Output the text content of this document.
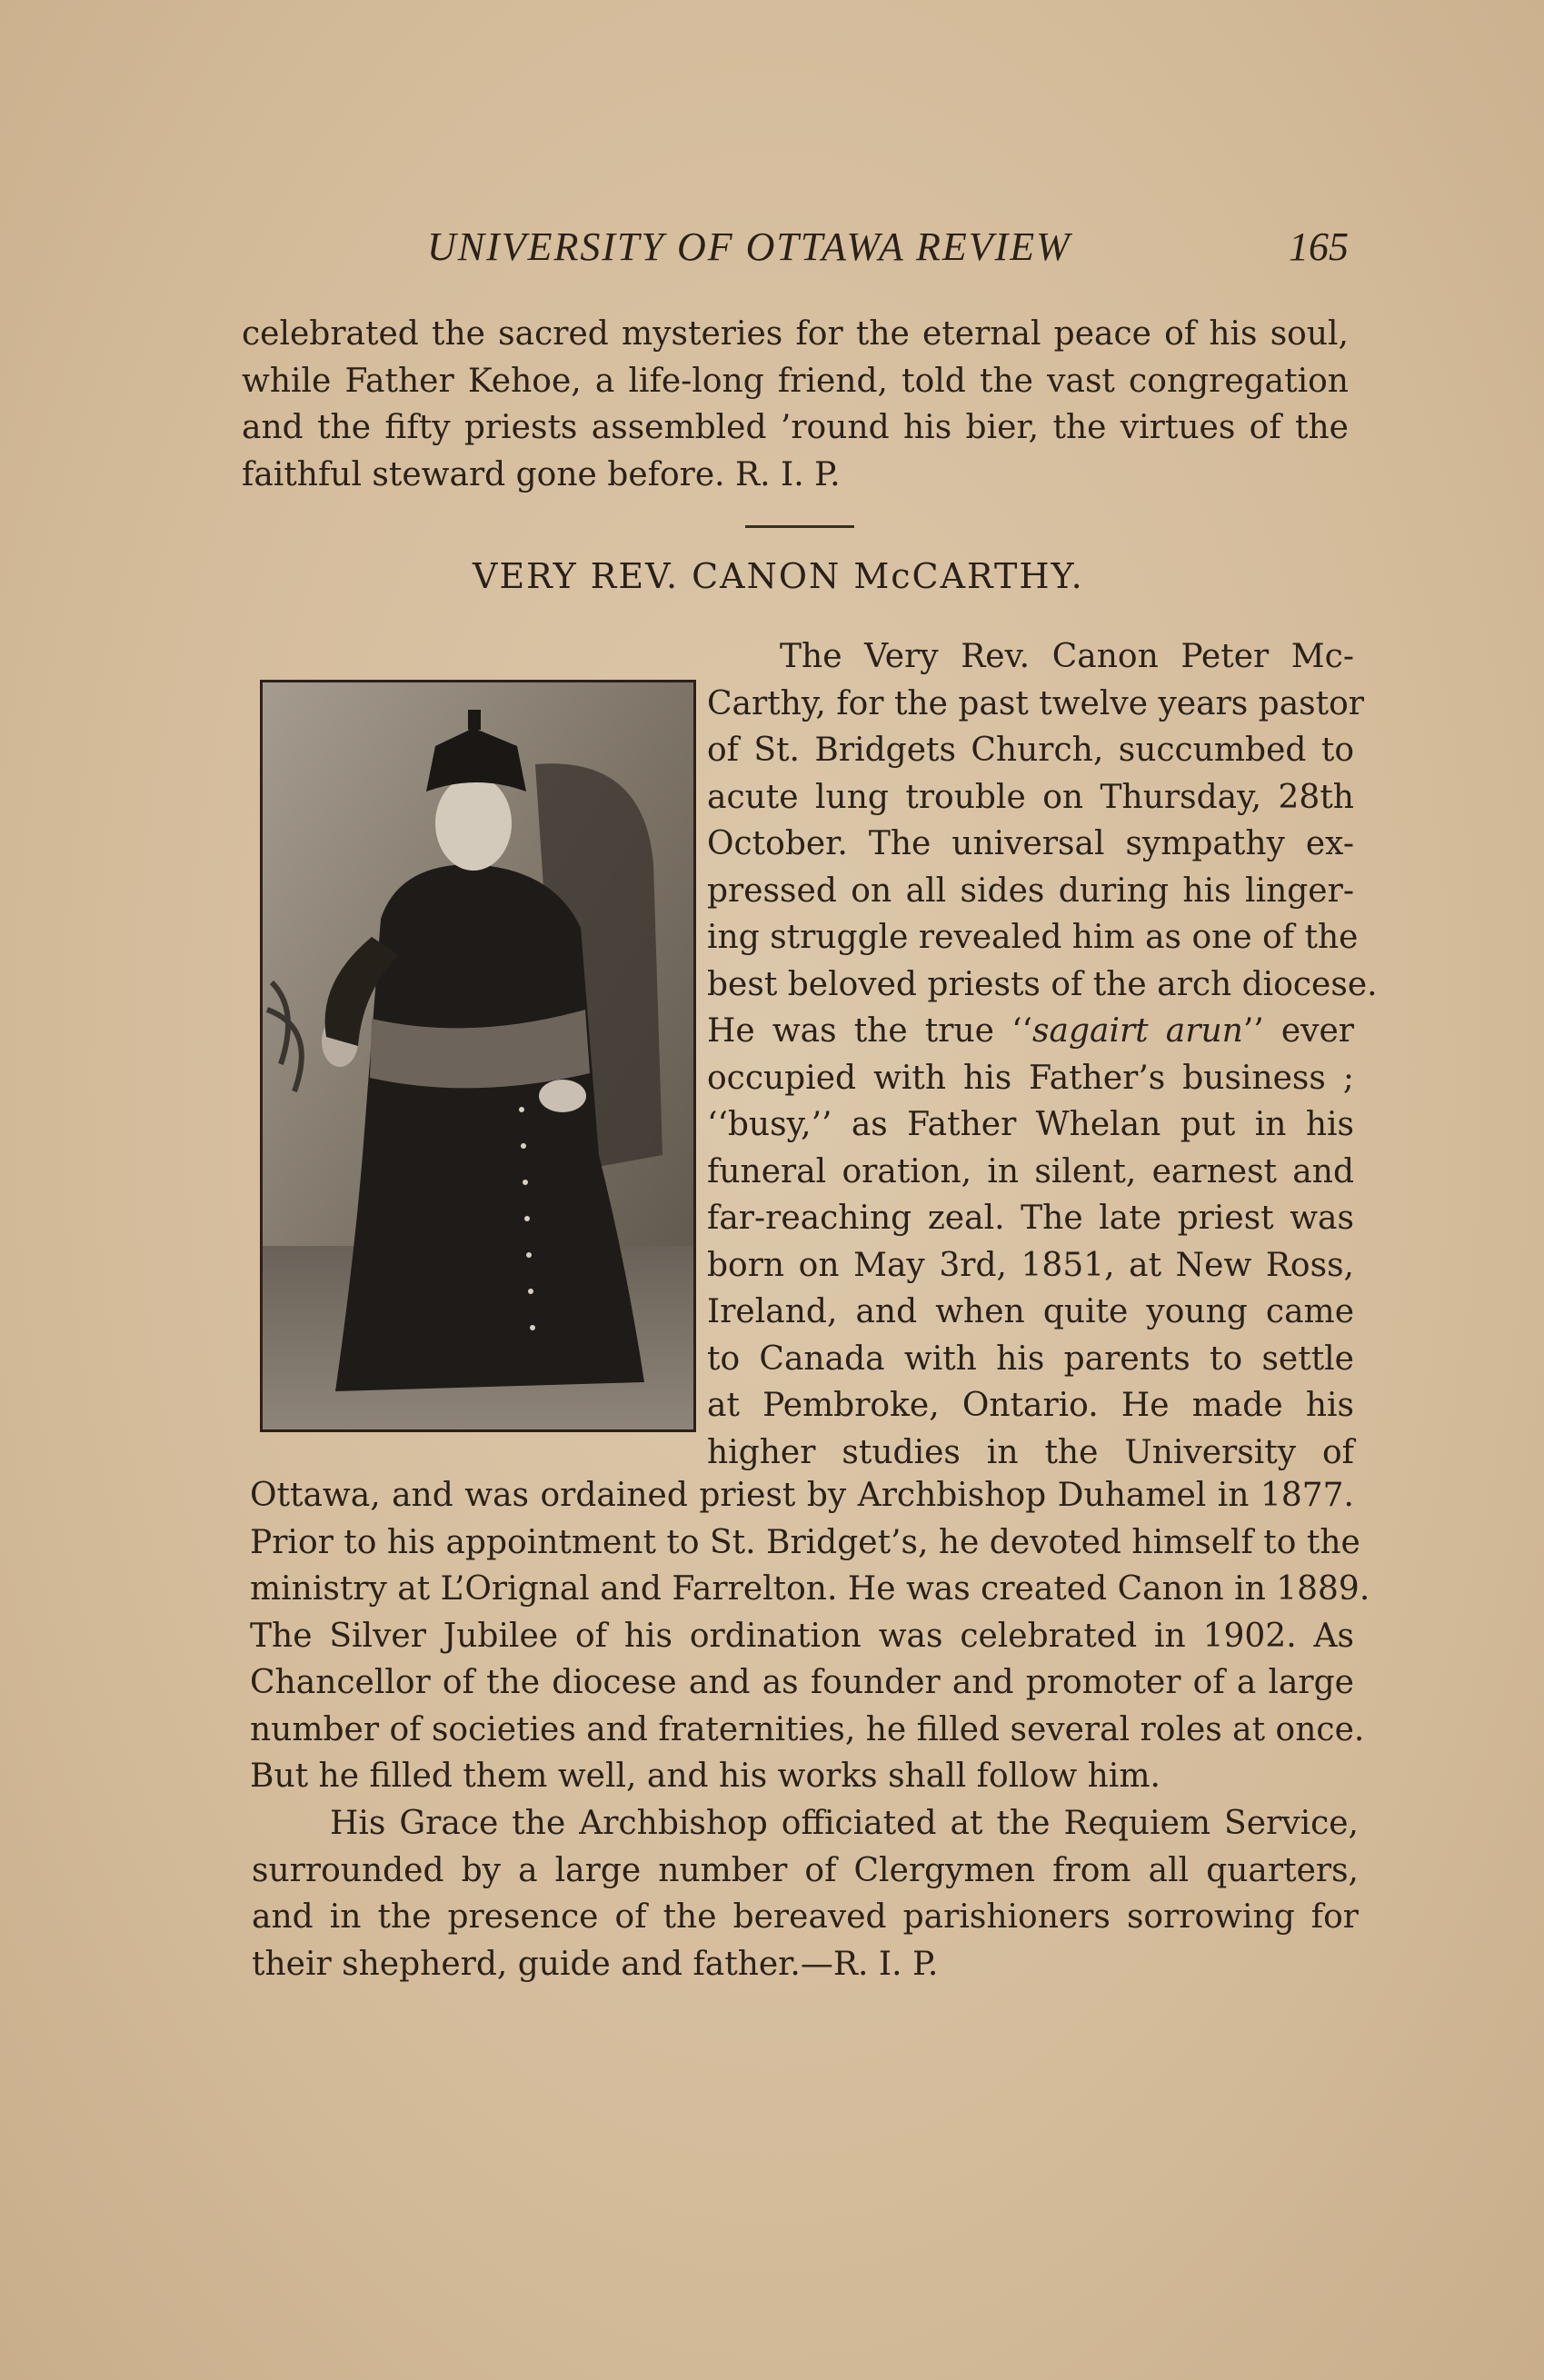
UNIVERSITY OF OTTAWA REVIEW	165
celebrated the sacred mysteries for the eternal peace of his soul,
while Father Kehoe, a life-long friend, told the vast congregation
and the fifty priests assembled ’round his bier, the virtues of the
faithful steward gone before. R. I. P.
VERY REV. CANON McCARTHY.
The Very Rev. Canon Peter Mc-
Carthy, for the past twelve years pastor
of St. Bridgets Church, succumbed to
acute lung trouble on Thursday, 28th
October. The universal sympathy ex-
pressed on all sides during his linger-
ing struggle revealed him as one of the
best beloved priests of the arch diocese.
He was the true ‘‘sagairt arun’’ ever
occupied with his Father’s business ;
‘‘busy,’’ as Father Whelan put in his
funeral oration, in silent, earnest and
far-reaching zeal. The late priest was
born on May 3rd, 1851, at New Ross,
Ireland, and when quite young came
to Canada with his parents to settle
at Pembroke, Ontario. He made his
higher studies in the University of
Ottawa, and was ordained priest by Archbishop Duhamel in 1877.
Prior to his appointment to St. Bridget’s, he devoted himself to the
ministry at L’Orignal and Farrelton. He was created Canon in 1889.
The Silver Jubilee of his ordination was celebrated in 1902. As
Chancellor of the diocese and as founder and promoter of a large
number of societies and fraternities, he filled several roles at once.
But he filled them well, and his works shall follow him.
His Grace the Archbishop officiated at the Requiem Service,
surrounded by a large number of Clergymen from all quarters,
and in the presence of the bereaved parishioners sorrowing for
their shepherd, guide and father.—R. I. P.
